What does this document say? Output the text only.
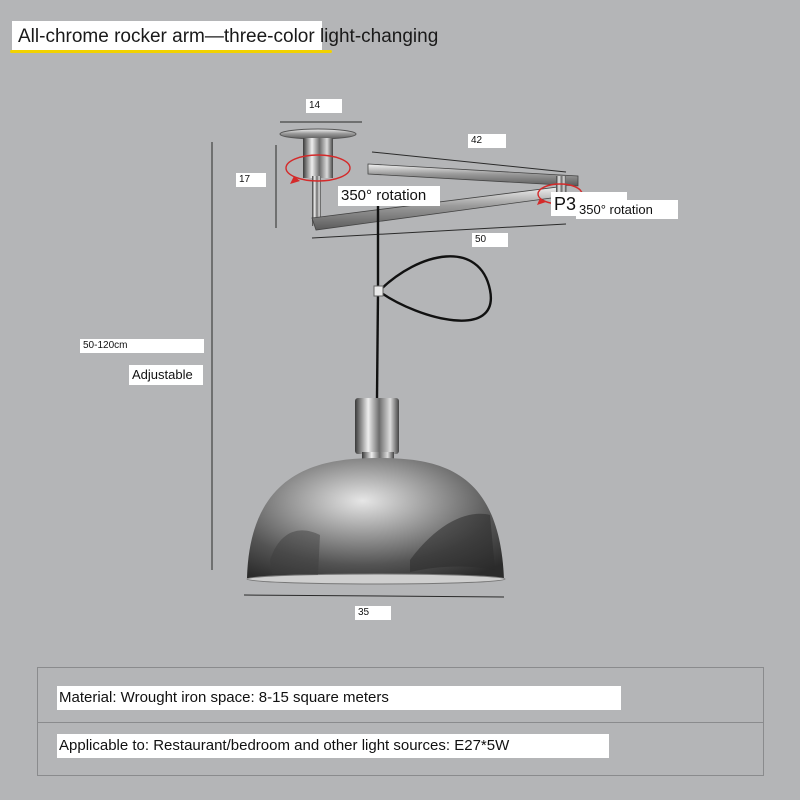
All-chrome rocker arm—three-color light-changing
14
17
42
50
50-120cm
Adjustable
35
350° rotation	P3 350° rotation
Material: Wrought iron space: 8-15 square meters
Applicable to: Restaurant/bedroom and other light sources: E27*5W
